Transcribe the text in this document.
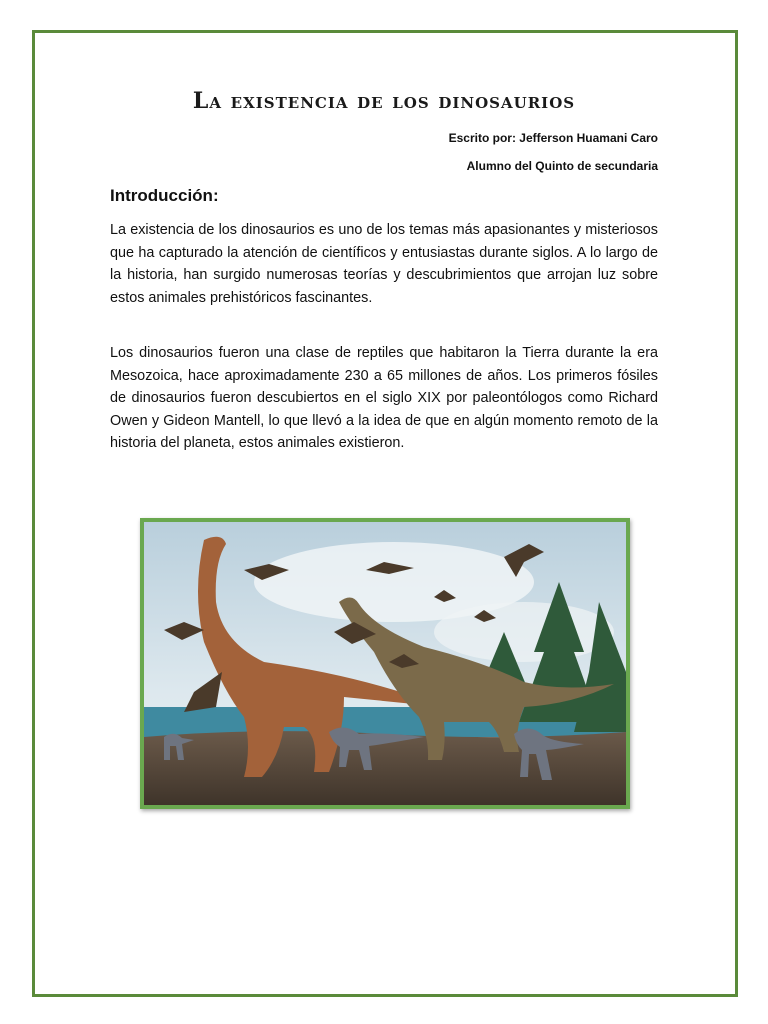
La existencia de los dinosaurios
Escrito por: Jefferson Huamani Caro
Alumno del Quinto de secundaria
Introducción:

La existencia de los dinosaurios es uno de los temas más apasionantes y misteriosos que ha capturado la atención de científicos y entusiastas durante siglos. A lo largo de la historia, han surgido numerosas teorías y descubrimientos que arrojan luz sobre estos animales prehistóricos fascinantes.

Los dinosaurios fueron una clase de reptiles que habitaron la Tierra durante la era Mesozoica, hace aproximadamente 230 a 65 millones de años. Los primeros fósiles de dinosaurios fueron descubiertos en el siglo XIX por paleontólogos como Richard Owen y Gideon Mantell, lo que llevó a la idea de que en algún momento remoto de la historia del planeta, estos animales existieron.
